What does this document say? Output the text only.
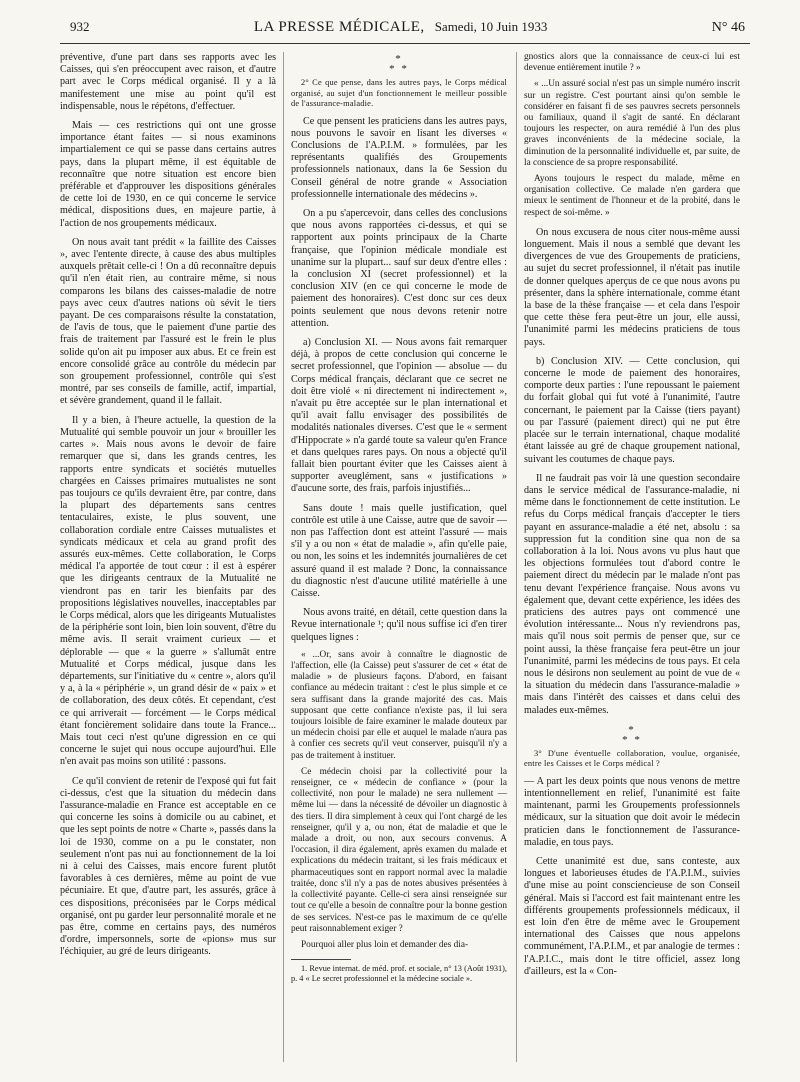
932	LA PRESSE MÉDICALE, Samedi, 10 Juin 1933	N° 46

préventive, d'une part dans ses rapports avec les Caisses, qui s'en préoccupent avec raison, et d'autre part avec le Corps médical organisé. Il y a là manifestement une mise au point qu'il est indispensable, nous le répétons, d'effectuer.

Mais — ces restrictions qui ont une grosse importance étant faites — si nous examinons impartialement ce qui se passe dans certains autres pays, dans la plupart même, il est équitable de reconnaître que notre situation est encore bien préférable et d'approuver les dispositions générales de cette loi de 1930, en ce qui concerne le service médical, dispositions dues, en majeure partie, à l'action de nos groupements médicaux.

On nous avait tant prédit « la faillite des Caisses », avec l'entente directe, à cause des abus multiples auxquels prêtait celle-ci ! On a dû reconnaître depuis qu'il n'en était rien, au contraire même, si nous comparons les bilans des caisses-maladie de notre pays avec ceux d'autres nations où sévit le tiers payant. De ces comparaisons résulte la constatation, de l'avis de tous, que le paiement d'une partie des frais de traitement par l'assuré est le frein le plus solide qu'on ait pu imposer aux abus. Et ce frein est encore consolidé grâce au contrôle du médecin par son groupement professionnel, contrôle qui s'est montré, par ses conseils de famille, actif, impartial, et sévère grandement, quand il le fallait.

Il y a bien, à l'heure actuelle, la question de la Mutualité qui semble pouvoir un jour « brouiller les cartes ». Mais nous avons le devoir de faire remarquer que si, dans les grands centres, les rapports entre syndicats et sociétés mutuelles chargées en Caisses primaires mutualistes ne sont pas toujours ce qu'ils devraient être, par contre, dans la plupart des départements sans centres tentaculaires, existe, le plus souvent, une collaboration cordiale entre Caisses mutualistes et syndicats médicaux et cela au grand profit des assurés eux-mêmes. Cette collaboration, le Corps médical l'a apportée de tout cœur : il est à espérer que les dirigeants centraux de la Mutualité ne viendront pas en tarir les bienfaits par des propositions législatives nouvelles, inacceptables par le Corps médical, alors que les dirigeants Mutualistes de la périphérie sont loin, bien loin souvent, d'être du même avis. Il serait vraiment curieux — et déplorable — que « la guerre » s'allumât entre Mutualité et Corps médical, jusque dans les départements, sur l'initiative du « centre », alors qu'il y a, à la « périphérie », un grand désir de « paix » et de collaboration, des deux côtés. Et cependant, c'est ce qui arriverait — forcément — le Corps médical étant foncièrement solidaire dans toute la France... Mais tout ceci n'est qu'une digression en ce qui concerne le sujet qui nous occupe aujourd'hui. Elle n'en avait pas moins son utilité : passons.

Ce qu'il convient de retenir de l'exposé qui fut fait ci-dessus, c'est que la situation du médecin dans l'assurance-maladie en France est acceptable en ce qui concerne les soins à domicile ou au cabinet, et que les sept points de notre « Charte », passés dans la loi de 1930, comme on a pu le constater, non seulement n'ont pas nui au fonctionnement de la loi ni à celui des Caisses, mais encore furent plutôt favorables à ces dernières, même au point de vue pécuniaire. Et que, d'autre part, les assurés, grâce à ces dispositions, préconisées par le Corps médical organisé, ont pu garder leur personnalité morale et ne pas être, comme en certains pays, des numéros d'ordre, impersonnels, sorte de «pions» mus sur l'échiquier, au gré de leurs dirigeants.

*
* *
2° Ce que pense, dans les autres pays, le Corps médical organisé, au sujet d'un fonctionnement le meilleur possible de l'assurance-maladie.

Ce que pensent les praticiens dans les autres pays, nous pouvons le savoir en lisant les diverses « Conclusions de l'A.P.I.M. » formulées, par les représentants qualifiés des Groupements professionnels nationaux, dans la 6e Session du Conseil général de notre grande « Association professionnelle internationale des médecins ».

On a pu s'apercevoir, dans celles des conclusions que nous avons rapportées ci-dessus, et qui se rapportent aux points principaux de la Charte française, que l'opinion médicale mondiale est unanime sur la plupart... sauf sur deux d'entre elles : la conclusion XI (secret professionnel) et la conclusion XIV (en ce qui concerne le mode de paiement des honoraires). C'est donc sur ces deux points seulement que nous devons retenir notre attention.

a) Conclusion XI. — Nous avons fait remarquer déjà, à propos de cette conclusion qui concerne le secret professionnel, que l'opinion — absolue — du Corps médical français, déclarant que ce secret ne doit être violé « ni directement ni indirectement », n'avait pu être acceptée sur le plan international et qu'il avait fallu envisager des possibilités de modalités nationales diverses. C'est que le « serment d'Hippocrate » n'a gardé toute sa valeur qu'en France et dans quelques rares pays. On nous a objecté qu'il fallait bien pourtant éviter que les Caisses aient à supporter aveuglément, sans « justifications » d'aucune sorte, des frais, parfois injustifiés...

Sans doute ! mais quelle justification, quel contrôle est utile à une Caisse, autre que de savoir — non pas l'affection dont est atteint l'assuré — mais s'il y a ou non « état de maladie », afin qu'elle paie, ou non, les soins et les indemnités journalières de cet assuré quand il est malade ? Donc, la connaissance du diagnostic n'est d'aucune utilité matérielle à une Caisse.

Nous avons traité, en détail, cette question dans la Revue internationale ¹; qu'il nous suffise ici d'en tirer quelques lignes :

« ...Or, sans avoir à connaître le diagnostic de l'affection, elle (la Caisse) peut s'assurer de cet « état de maladie » de plusieurs façons. D'abord, en faisant confiance au médecin traitant : c'est le plus simple et ce sera suffisant dans la grande majorité des cas. Mais supposant que cette confiance n'existe pas, il lui sera toujours loisible de faire examiner le malade douteux par un médecin choisi par elle et auquel le malade n'aura pas à confier ces secrets qu'il veut conserver, puisqu'il n'y a pas de traitement à instituer.

Ce médecin choisi par la collectivité pour la renseigner, ce « médecin de confiance » (pour la collectivité, non pour le malade) ne sera nullement — même lui — dans la nécessité de dévoiler un diagnostic à des tiers. Il dira simplement à ceux qui l'ont chargé de les renseigner, qu'il y a, ou non, état de maladie et que le malade a droit, ou non, aux secours convenus. A l'occasion, il dira également, après examen du malade et explications du médecin traitant, si les frais médicaux et pharmaceutiques sont en rapport normal avec la maladie traitée, donc s'il n'y a pas de notes abusives présentées à la collectivité payante. Celle-ci sera ainsi renseignée sur tout ce qu'elle a besoin de connaître pour la bonne gestion de ses services. N'est-ce pas le maximum de ce qu'elle peut raisonnablement exiger ?

Pourquoi aller plus loin et demander des dia-

1. Revue internat. de méd. prof. et sociale, n° 13 (Août 1931), p. 4 « Le secret professionnel et la médecine sociale ».

gnostics alors que la connaissance de ceux-ci lui est devenue entièrement inutile ? »

« ...Un assuré social n'est pas un simple numéro inscrit sur un registre. C'est pourtant ainsi qu'on semble le considérer en faisant fi de ses pauvres secrets personnels ou familiaux, quand il s'agit de santé. En déclarant toujours les respecter, on aura remédié à l'un des plus graves inconvénients de la médecine sociale, la diminution de la personnalité individuelle et, par suite, de la conscience de sa propre responsabilité.

Ayons toujours le respect du malade, même en organisation collective. Ce malade n'en gardera que mieux le sentiment de l'honneur et de la probité, dans le respect de soi-même. »

On nous excusera de nous citer nous-même aussi longuement. Mais il nous a semblé que devant les divergences de vue des Groupements de praticiens, au sujet du secret professionnel, il n'était pas inutile de donner quelques aperçus de ce que nous avons pu présenter, dans la sphère internationale, comme étant la base de la thèse française — et cela dans l'espoir que cette thèse fera peut-être un jour, elle aussi, l'unanimité parmi les médecins praticiens de tous pays.

b) Conclusion XIV. — Cette conclusion, qui concerne le mode de paiement des honoraires, comporte deux parties : l'une repoussant le paiement du forfait global qui fut voté à l'unanimité, l'autre concernant, le paiement par la Caisse (tiers payant) ou par l'assuré (paiement direct) qui ne put être placée sur le terrain international, chaque modalité étant laissée au gré de chaque groupement national, suivant les coutumes de chaque pays.

Il ne faudrait pas voir là une question secondaire dans le service médical de l'assurance-maladie, ni même dans le fonctionnement de cette institution. Le refus du Corps médical français d'accepter le tiers payant en assurance-maladie a été net, absolu : sa suppression fut la condition sine qua non de sa collaboration à la loi. Nous avons vu plus haut que les objections formulées tout d'abord contre le paiement direct du médecin par le malade n'ont pas tenu devant l'expérience française. Nous avons vu également que, devant cette expérience, les idées des praticiens des autres pays ont commencé une évolution intéressante... Nous n'y reviendrons pas, mais qu'il nous soit permis de penser que, sur ce point aussi, la thèse française fera peut-être un jour l'unanimité, parmi les médecins de tous pays. Et cela nous le désirons non seulement au point de vue de « la situation du médecin dans l'assurance-maladie » mais dans l'intérêt des caisses et dans celui des malades eux-mêmes.

*
* *
3° D'une éventuelle collaboration, voulue, organisée, entre les Caisses et le Corps médical ?

— A part les deux points que nous venons de mettre intentionnellement en relief, l'unanimité est faite maintenant, parmi les Groupements professionnels médicaux, sur la situation que doit avoir le médecin praticien dans le fonctionnement de l'assurance-maladie, en tous pays.

Cette unanimité est due, sans conteste, aux longues et laborieuses études de l'A.P.I.M., suivies d'une mise au point consciencieuse de son Conseil général. Mais si l'accord est fait maintenant entre les différents groupements professionnels médicaux, il est loin d'en être de même avec le Groupement international des Caisses que nous appelons communément, l'A.P.I.M., et par analogie de termes : l'A.P.I.C., mais dont le titre officiel, assez long d'ailleurs, est la « Con-
